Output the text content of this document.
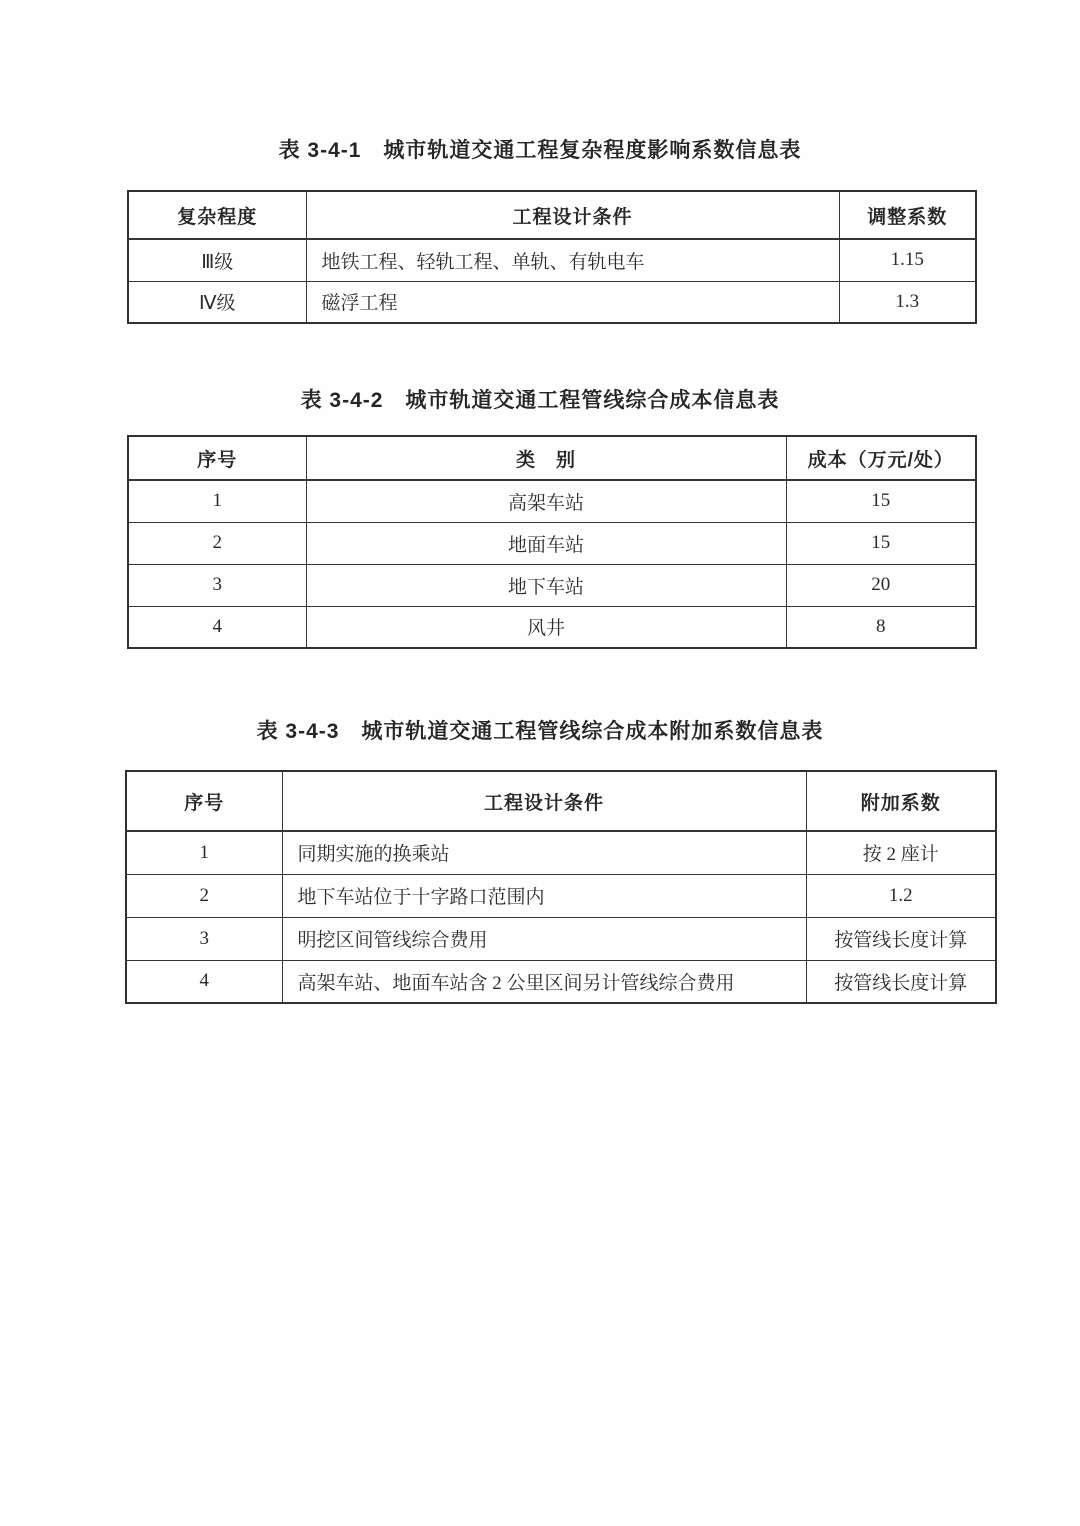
表 3-4-1　城市轨道交通工程复杂程度影响系数信息表
复杂程度	工程设计条件	调整系数
Ⅲ级	地铁工程、轻轨工程、单轨、有轨电车	1.15
Ⅳ级	磁浮工程	1.3
表 3-4-2　城市轨道交通工程管线综合成本信息表
序号	类　别	成本（万元/处）
1	高架车站	15
2	地面车站	15
3	地下车站	20
4	风井	8
表 3-4-3　城市轨道交通工程管线综合成本附加系数信息表
序号	工程设计条件	附加系数
1	同期实施的换乘站	按 2 座计
2	地下车站位于十字路口范围内	1.2
3	明挖区间管线综合费用	按管线长度计算
4	高架车站、地面车站含 2 公里区间另计管线综合费用	按管线长度计算
